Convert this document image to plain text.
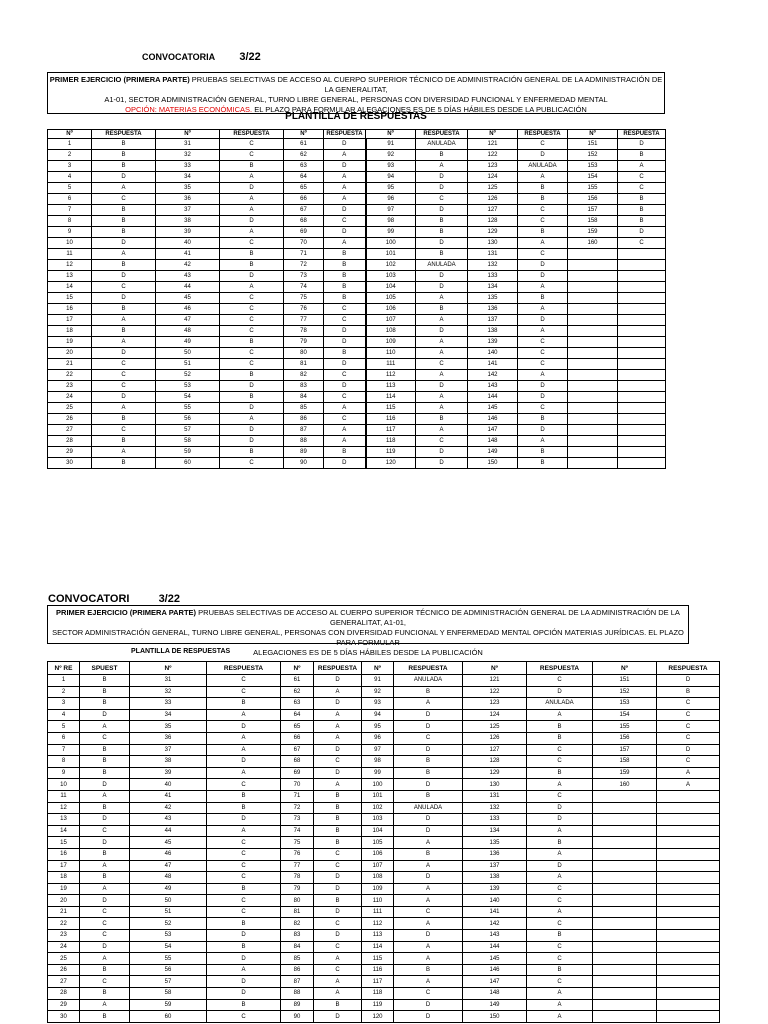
CONVOCATORIA 3/22
PRIMER EJERCICIO (PRIMERA PARTE) PRUEBAS SELECTIVAS DE ACCESO AL CUERPO SUPERIOR TÉCNICO DE ADMINISTRACIÓN GENERAL DE LA ADMINISTRACIÓN DE LA GENERALITAT,
A1-01, SECTOR ADMINISTRACIÓN GENERAL, TURNO LIBRE GENERAL, PERSONAS CON DIVERSIDAD FUNCIONAL Y ENFERMEDAD MENTAL
OPCIÓN: MATERIAS ECONÓMICAS. EL PLAZO PARA FORMULAR ALEGACIONES ES DE 5 DÍAS HÁBILES DESDE LA PUBLICACIÓN
PLANTILLA DE RESPUESTAS
Nº	RESPUESTA	Nº	RESPUESTA	Nº	RESPUESTA	Nº	RESPUESTA	Nº	RESPUESTA	Nº	RESPUESTA
1	B	31	C	61	D	91	ANULADA	121	C	151	D
2	B	32	C	62	A	92	B	122	D	152	B
3	B	33	B	63	D	93	A	123	ANULADA	153	A
4	D	34	A	64	A	94	D	124	A	154	C
5	A	35	D	65	A	95	D	125	B	155	C
6	C	36	A	66	A	96	C	126	B	156	B
7	B	37	A	67	D	97	D	127	C	157	B
8	B	38	D	68	C	98	B	128	C	158	B
9	B	39	A	69	D	99	B	129	B	159	D
10	D	40	C	70	A	100	D	130	A	160	C
11	A	41	B	71	B	101	B	131	C		
12	B	42	B	72	B	102	ANULADA	132	D		
13	D	43	D	73	B	103	D	133	D		
14	C	44	A	74	B	104	D	134	A		
15	D	45	C	75	B	105	A	135	B		
16	B	46	C	76	C	106	B	136	A		
17	A	47	C	77	C	107	A	137	D		
18	B	48	C	78	D	108	D	138	A		
19	A	49	B	79	D	109	A	139	C		
20	D	50	C	80	B	110	A	140	C		
21	C	51	C	81	D	111	C	141	C		
22	C	52	B	82	C	112	A	142	A		
23	C	53	D	83	D	113	D	143	D		
24	D	54	B	84	C	114	A	144	D		
25	A	55	D	85	A	115	A	145	C		
26	B	56	A	86	C	116	B	146	B		
27	C	57	D	87	A	117	A	147	D		
28	B	58	D	88	A	118	C	148	A		
29	A	59	B	89	B	119	D	149	B		
30	B	60	C	90	D	120	D	150	B		
CONVOCATORI	3/22
PRIMER EJERCICIO (PRIMERA PARTE) PRUEBAS SELECTIVAS DE ACCESO AL CUERPO SUPERIOR TÉCNICO DE ADMINISTRACIÓN GENERAL DE LA ADMINISTRACIÓN DE LA GENERALITAT, A1-01,
SECTOR ADMINISTRACIÓN GENERAL, TURNO LIBRE GENERAL, PERSONAS CON DIVERSIDAD FUNCIONAL Y ENFERMEDAD MENTAL OPCIÓN MATERIAS JURÍDICAS. EL PLAZO PARA FORMULAR
ALEGACIONES ES DE 5 DÍAS HÁBILES DESDE LA PUBLICACIÓN
PLANTILLA DE RESPUESTAS
Nº RE	SPUEST	Nº	RESPUESTA	Nº	RESPUESTA	Nº	RESPUESTA	Nº	RESPUESTA	Nº	RESPUESTA
1	B	31	C	61	D	91	ANULADA	121	C	151	D
2	B	32	C	62	A	92	B	122	D	152	B
3	B	33	B	63	D	93	A	123	ANULADA	153	C
4	D	34	A	64	A	94	D	124	A	154	C
5	A	35	D	65	A	95	D	125	B	155	C
6	C	36	A	66	A	96	C	126	B	156	C
7	B	37	A	67	D	97	D	127	C	157	D
8	B	38	D	68	C	98	B	128	C	158	C
9	B	39	A	69	D	99	B	129	B	159	A
10	D	40	C	70	A	100	D	130	A	160	A
11	A	41	B	71	B	101	B	131	C		
12	B	42	B	72	B	102	ANULADA	132	D		
13	D	43	D	73	B	103	D	133	D		
14	C	44	A	74	B	104	D	134	A		
15	D	45	C	75	B	105	A	135	B		
16	B	46	C	76	C	106	B	136	A		
17	A	47	C	77	C	107	A	137	D		
18	B	48	C	78	D	108	D	138	A		
19	A	49	B	79	D	109	A	139	C		
20	D	50	C	80	B	110	A	140	C		
21	C	51	C	81	D	111	C	141	A		
22	C	52	B	82	C	112	A	142	C		
23	C	53	D	83	D	113	D	143	B		
24	D	54	B	84	C	114	A	144	C		
25	A	55	D	85	A	115	A	145	C		
26	B	56	A	86	C	116	B	146	B		
27	C	57	D	87	A	117	A	147	C		
28	B	58	D	88	A	118	C	148	A		
29	A	59	B	89	B	119	D	149	A		
30	B	60	C	90	D	120	D	150	A		
